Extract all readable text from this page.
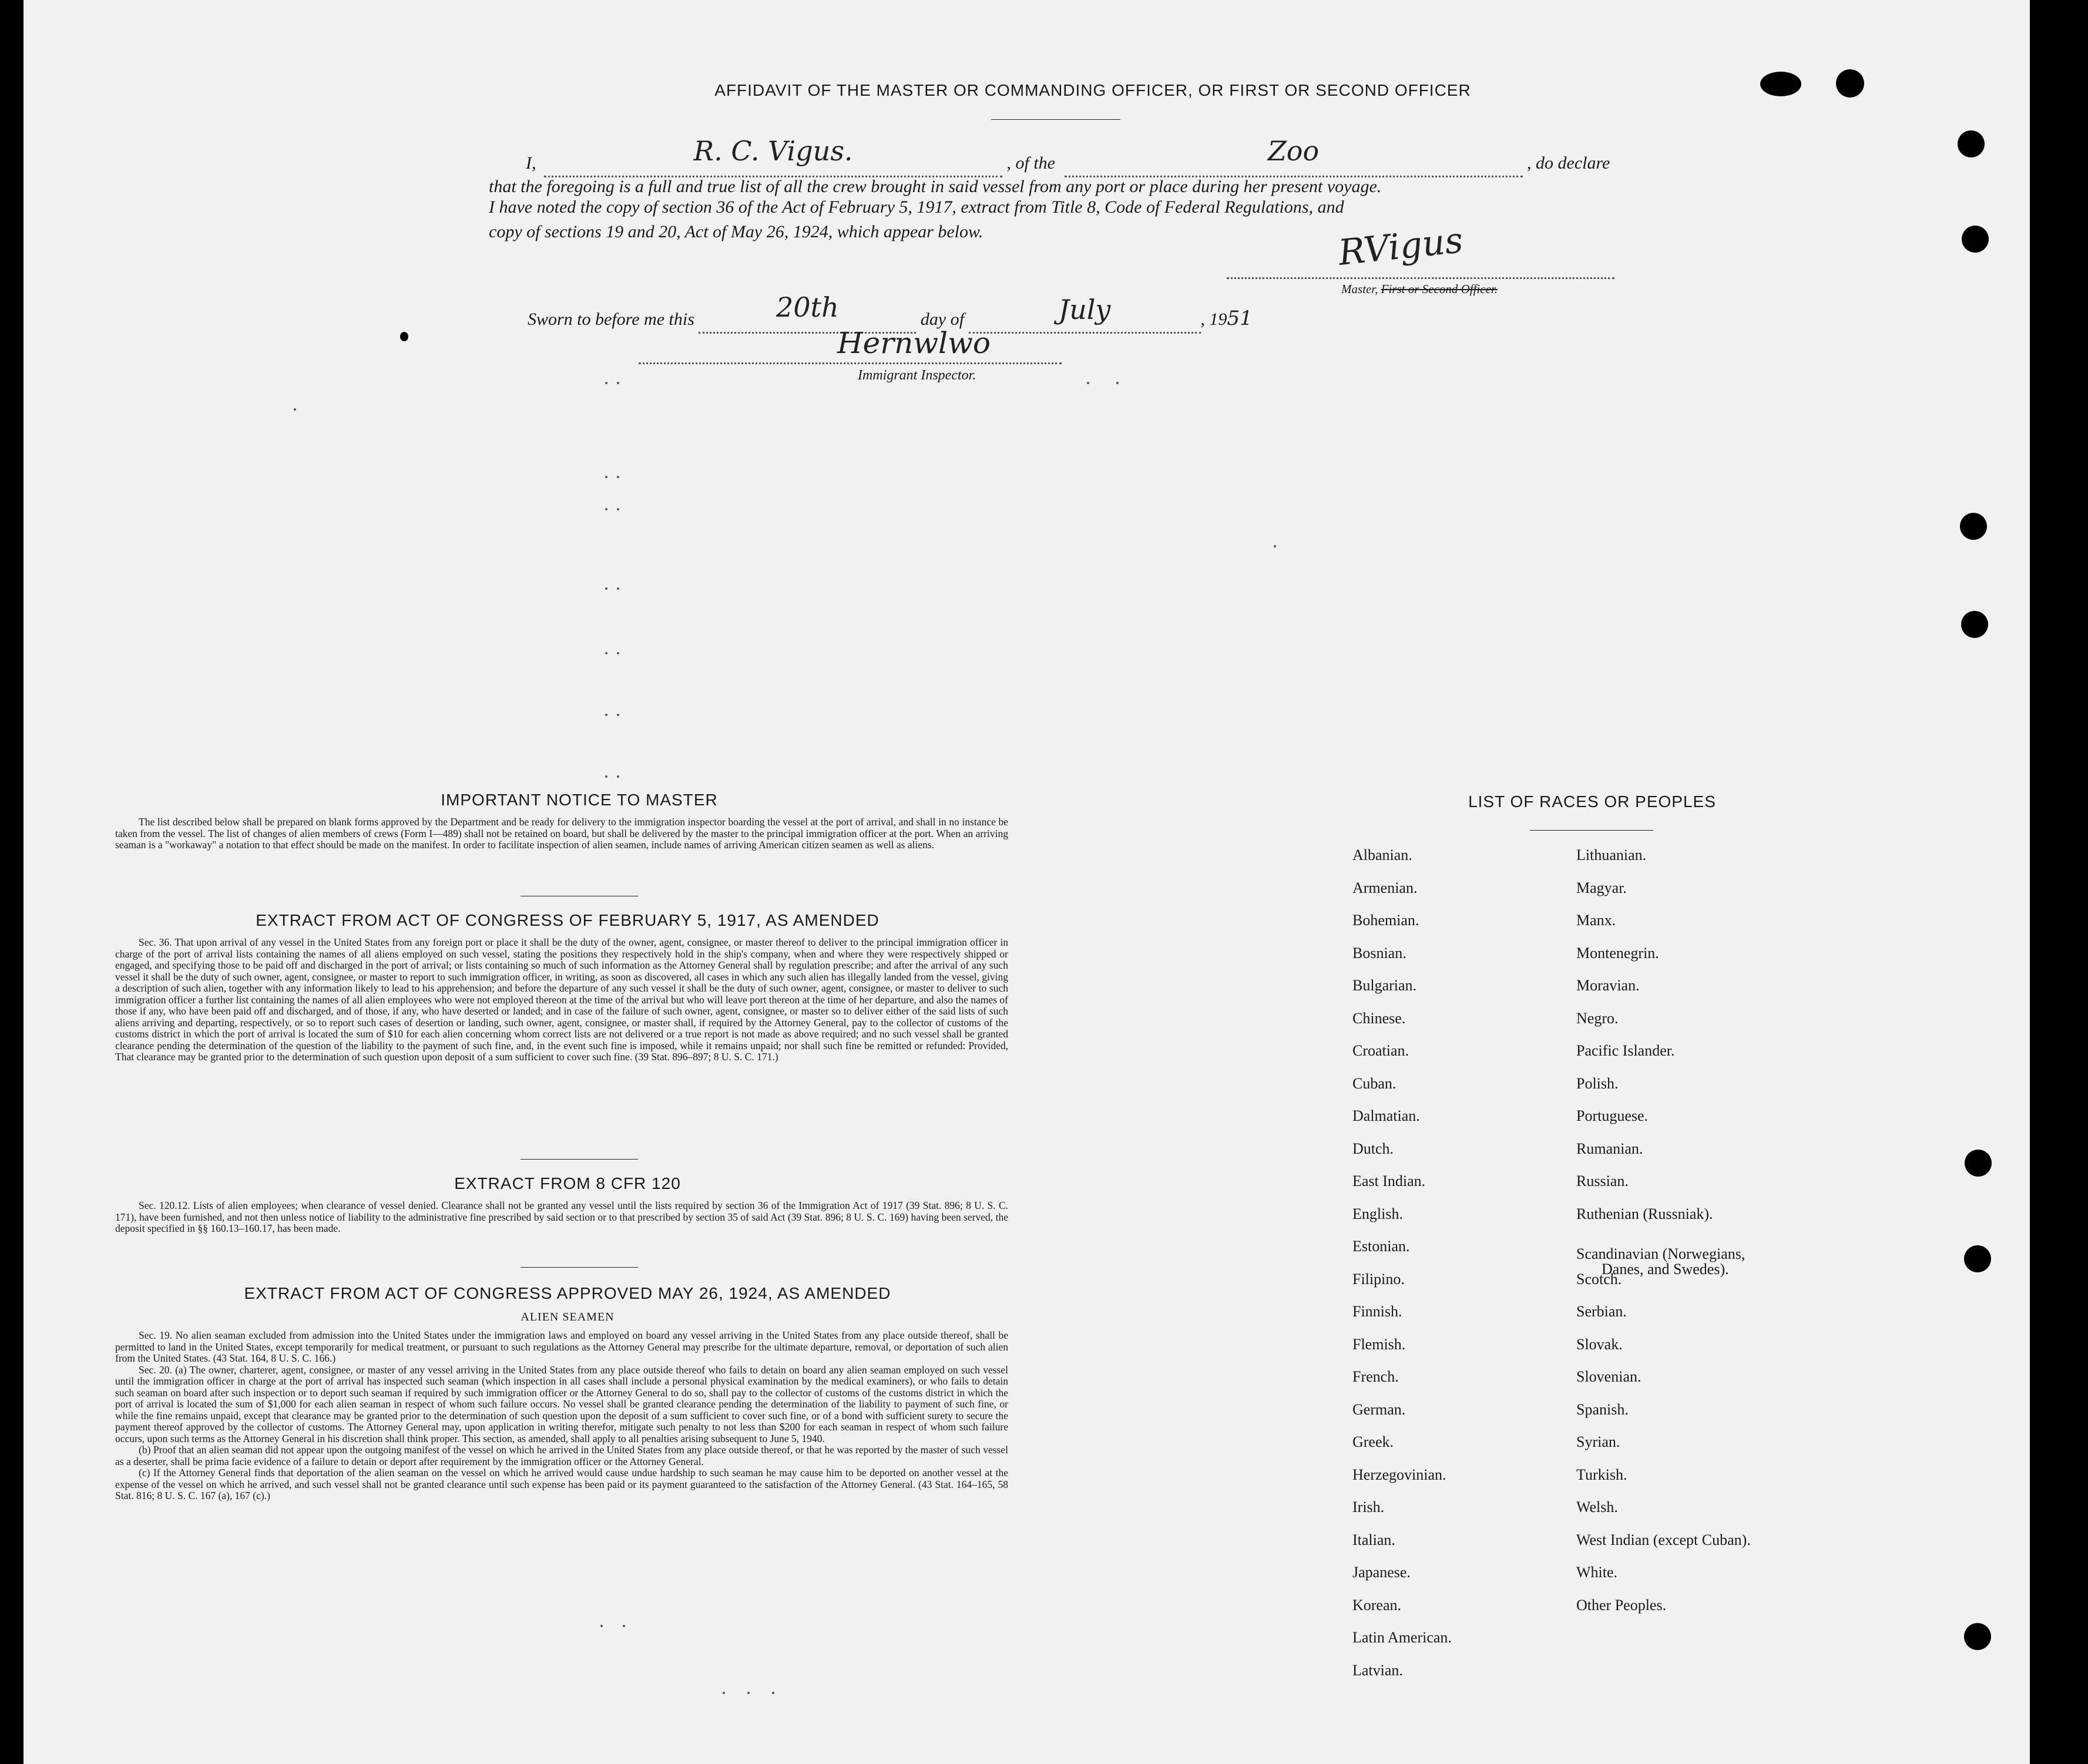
AFFIDAVIT OF THE MASTER OR COMMANDING OFFICER, OR FIRST OR SECOND OFFICER
I,	R. C. Vigus.	, of the	Zoo	, do declare
that the foregoing is a full and true list of all the crew brought in said vessel from any port or place during her present voyage.
I have noted the copy of section 36 of the Act of February 5, 1917, extract from Title 8, Code of Federal Regulations, and
copy of sections 19 and 20, Act of May 26, 1924, which appear below.	RVigus
Master, First or Second Officer.
Sworn to before me this	20th	day of	July	, 1951
Hernwlwo
Immigrant Inspector.
IMPORTANT NOTICE TO MASTER
The list described below shall be prepared on blank forms approved by the Department and be ready for delivery to the immigration inspector boarding the vessel at the port of arrival, and shall in no instance be taken from the vessel. The list of changes of alien members of crews (Form I—489) shall not be retained on board, but shall be delivered by the master to the principal immigration officer at the port. When an arriving seaman is a "workaway" a notation to that effect should be made on the manifest. In order to facilitate inspection of alien seamen, include names of arriving American citizen seamen as well as aliens.
EXTRACT FROM ACT OF CONGRESS OF FEBRUARY 5, 1917, AS AMENDED
Sec. 36. That upon arrival of any vessel in the United States from any foreign port or place it shall be the duty of the owner, agent, consignee, or master thereof to deliver to the principal immigration officer in charge of the port of arrival lists containing the names of all aliens employed on such vessel, stating the positions they respectively hold in the ship's company, when and where they were respectively shipped or engaged, and specifying those to be paid off and discharged in the port of arrival; or lists containing so much of such information as the Attorney General shall by regulation prescribe; and after the arrival of any such vessel it shall be the duty of such owner, agent, consignee, or master to report to such immigration officer, in writing, as soon as discovered, all cases in which any such alien has illegally landed from the vessel, giving a description of such alien, together with any information likely to lead to his apprehension; and before the departure of any such vessel it shall be the duty of such owner, agent, consignee, or master to deliver to such immigration officer a further list containing the names of all alien employees who were not employed thereon at the time of the arrival but who will leave port thereon at the time of her departure, and also the names of those if any, who have been paid off and discharged, and of those, if any, who have deserted or landed; and in case of the failure of such owner, agent, consignee, or master so to deliver either of the said lists of such aliens arriving and departing, respectively, or so to report such cases of desertion or landing, such owner, agent, consignee, or master shall, if required by the Attorney General, pay to the collector of customs of the customs district in which the port of arrival is located the sum of $10 for each alien concerning whom correct lists are not delivered or a true report is not made as above required; and no such vessel shall be granted clearance pending the determination of the question of the liability to the payment of such fine, and, in the event such fine is imposed, while it remains unpaid; nor shall such fine be remitted or refunded: Provided, That clearance may be granted prior to the determination of such question upon deposit of a sum sufficient to cover such fine. (39 Stat. 896–897; 8 U. S. C. 171.)
EXTRACT FROM 8 CFR 120
Sec. 120.12. Lists of alien employees; when clearance of vessel denied. Clearance shall not be granted any vessel until the lists required by section 36 of the Immigration Act of 1917 (39 Stat. 896; 8 U. S. C. 171), have been furnished, and not then unless notice of liability to the administrative fine prescribed by said section or to that prescribed by section 35 of said Act (39 Stat. 896; 8 U. S. C. 169) having been served, the deposit specified in §§ 160.13–160.17, has been made.
EXTRACT FROM ACT OF CONGRESS APPROVED MAY 26, 1924, AS AMENDED
ALIEN SEAMEN
Sec. 19. No alien seaman excluded from admission into the United States under the immigration laws and employed on board any vessel arriving in the United States from any place outside thereof, shall be permitted to land in the United States, except temporarily for medical treatment, or pursuant to such regulations as the Attorney General may prescribe for the ultimate departure, removal, or deportation of such alien from the United States. (43 Stat. 164, 8 U. S. C. 166.)
Sec. 20. (a) The owner, charterer, agent, consignee, or master of any vessel arriving in the United States from any place outside thereof who fails to detain on board any alien seaman employed on such vessel until the immigration officer in charge at the port of arrival has inspected such seaman (which inspection in all cases shall include a personal physical examination by the medical examiners), or who fails to detain such seaman on board after such inspection or to deport such seaman if required by such immigration officer or the Attorney General to do so, shall pay to the collector of customs of the customs district in which the port of arrival is located the sum of $1,000 for each alien seaman in respect of whom such failure occurs. No vessel shall be granted clearance pending the determination of the liability to payment of such fine, or while the fine remains unpaid, except that clearance may be granted prior to the determination of such question upon the deposit of a sum sufficient to cover such fine, or of a bond with sufficient surety to secure the payment thereof approved by the collector of customs. The Attorney General may, upon application in writing therefor, mitigate such penalty to not less than $200 for each seaman in respect of whom such failure occurs, upon such terms as the Attorney General in his discretion shall think proper. This section, as amended, shall apply to all penalties arising subsequent to June 5, 1940.
(b) Proof that an alien seaman did not appear upon the outgoing manifest of the vessel on which he arrived in the United States from any place outside thereof, or that he was reported by the master of such vessel as a deserter, shall be prima facie evidence of a failure to detain or deport after requirement by the immigration officer or the Attorney General.
(c) If the Attorney General finds that deportation of the alien seaman on the vessel on which he arrived would cause undue hardship to such seaman he may cause him to be deported on another vessel at the expense of the vessel on which he arrived, and such vessel shall not be granted clearance until such expense has been paid or its payment guaranteed to the satisfaction of the Attorney General. (43 Stat. 164–165, 58 Stat. 816; 8 U. S. C. 167 (a), 167 (c).)
LIST OF RACES OR PEOPLES
Albanian.
Armenian.
Bohemian.
Bosnian.
Bulgarian.
Chinese.
Croatian.
Cuban.
Dalmatian.
Dutch.
East Indian.
English.
Estonian.
Filipino.
Finnish.
Flemish.
French.
German.
Greek.
Herzegovinian.
Irish.
Italian.
Japanese.
Korean.
Latin American.
Latvian.
Lithuanian.
Magyar.
Manx.
Montenegrin.
Moravian.
Negro.
Pacific Islander.
Polish.
Portuguese.
Rumanian.
Russian.
Ruthenian (Russniak).
Scandinavian (Norwegians,
Danes, and Swedes).
Scotch.
Serbian.
Slovak.
Slovenian.
Spanish.
Syrian.
Turkish.
Welsh.
West Indian (except Cuban).
White.
Other Peoples.
